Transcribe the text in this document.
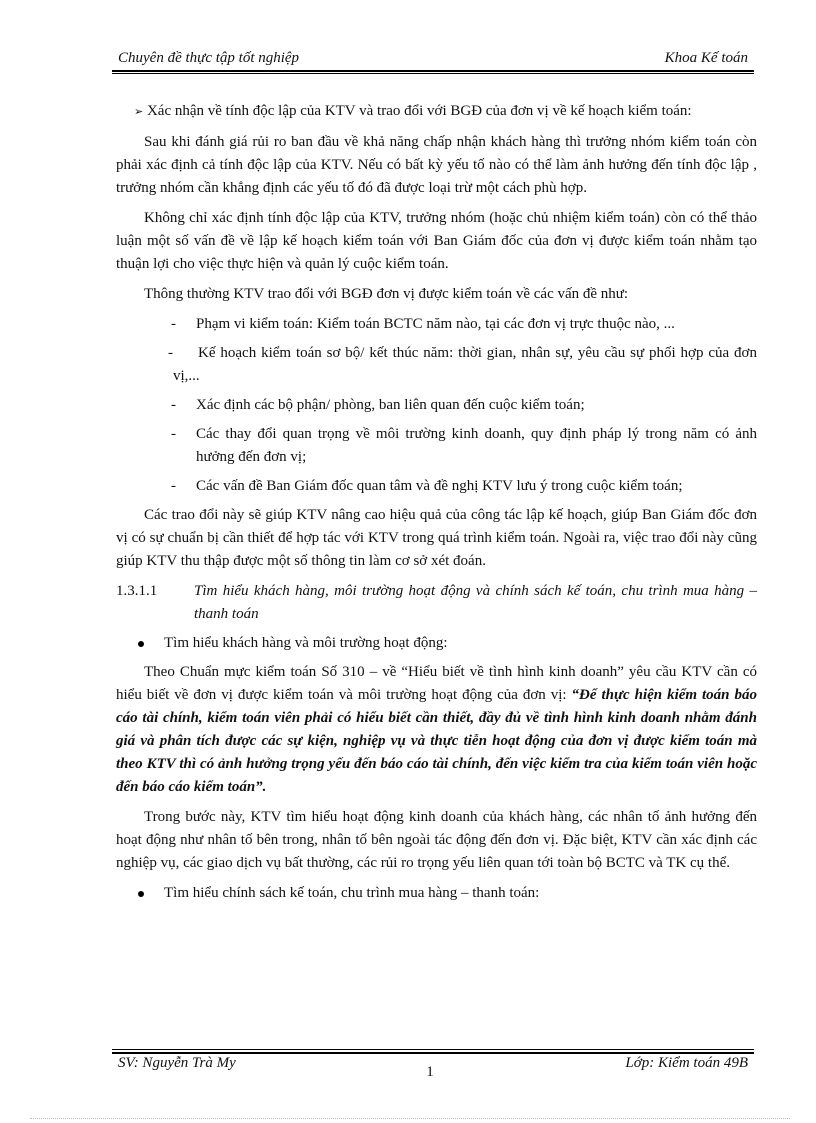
Chuyên đề thực tập tốt nghiệp	Khoa Kế toán

➢ Xác nhận về tính độc lập của KTV và trao đổi với BGĐ của đơn vị về kế hoạch kiểm toán:

Sau khi đánh giá rủi ro ban đầu về khả năng chấp nhận khách hàng thì trưởng nhóm kiểm toán còn phải xác định cả tính độc lập của KTV. Nếu có bất kỳ yếu tố nào có thể làm ảnh hưởng đến tính độc lập , trưởng nhóm cần khẳng định các yếu tố đó đã được loại trừ một cách phù hợp.

Không chỉ xác định tính độc lập của KTV, trưởng nhóm (hoặc chủ nhiệm kiểm toán) còn có thể thảo luận một số vấn đề về lập kế hoạch kiểm toán với Ban Giám đốc của đơn vị được kiểm toán nhằm tạo thuận lợi cho việc thực hiện và quản lý cuộc kiểm toán.

Thông thường KTV trao đổi với BGĐ đơn vị được kiểm toán về các vấn đề như:

- Phạm vi kiểm toán: Kiểm toán BCTC năm nào, tại các đơn vị trực thuộc nào, ...
- Kế hoạch kiểm toán sơ bộ/ kết thúc năm: thời gian, nhân sự, yêu cầu sự phối hợp của đơn vị,...
- Xác định các bộ phận/ phòng, ban liên quan đến cuộc kiểm toán;
- Các thay đổi quan trọng về môi trường kinh doanh, quy định pháp lý trong năm có ảnh hưởng đến đơn vị;
- Các vấn đề Ban Giám đốc quan tâm và đề nghị KTV lưu ý trong cuộc kiểm toán;

Các trao đổi này sẽ giúp KTV nâng cao hiệu quả của công tác lập kế hoạch, giúp Ban Giám đốc đơn vị có sự chuẩn bị cần thiết để hợp tác với KTV trong quá trình kiểm toán. Ngoài ra, việc trao đổi này cũng giúp KTV thu thập được một số thông tin làm cơ sở xét đoán.

1.3.1.1 Tìm hiểu khách hàng, môi trường hoạt động và chính sách kế toán, chu trình mua hàng – thanh toán
Tìm hiểu khách hàng và môi trường hoạt động:

Theo Chuẩn mực kiểm toán Số 310 – về “Hiểu biết về tình hình kinh doanh” yêu cầu KTV cần có hiểu biết về đơn vị được kiểm toán và môi trường hoạt động của đơn vị: “Để thực hiện kiểm toán báo cáo tài chính, kiểm toán viên phải có hiểu biết cần thiết, đầy đủ về tình hình kinh doanh nhằm đánh giá và phân tích được các sự kiện, nghiệp vụ và thực tiễn hoạt động của đơn vị được kiểm toán mà theo KTV thì có ảnh hưởng trọng yếu đến báo cáo tài chính, đến việc kiểm tra của kiểm toán viên hoặc đến báo cáo kiểm toán”.

Trong bước này, KTV tìm hiểu hoạt động kinh doanh của khách hàng, các nhân tố ảnh hưởng đến hoạt động như nhân tố bên trong, nhân tố bên ngoài tác động đến đơn vị. Đặc biệt, KTV cần xác định các nghiệp vụ, các giao dịch vụ bất thường, các rủi ro trọng yếu liên quan tới toàn bộ BCTC và TK cụ thể.

Tìm hiểu chính sách kế toán, chu trình mua hàng – thanh toán:
SV: Nguyễn Trà My	Lớp: Kiểm toán 49B
1
